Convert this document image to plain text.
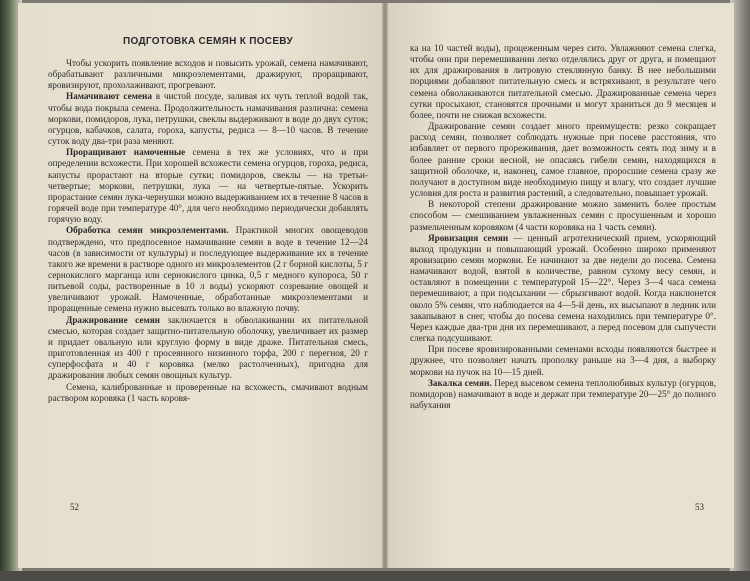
ПОДГОТОВКА СЕМЯН К ПОСЕВУ

Чтобы ускорить появление всходов и повысить урожай, семена намачивают, обрабатывают различными микроэлементами, дражируют, проращивают, яровизируют, прохолаживают, прогревают.

Намачивают семена в чистой посуде, заливая их чуть теплой водой так, чтобы вода покрыла семена. Продолжительность намачивания различна: семена моркови, помидоров, лука, петрушки, свеклы выдерживают в воде до двух суток; огурцов, кабачков, салата, гороха, капусты, редиса — 8—10 часов. В течение суток воду два-три раза меняют.

Проращивают намоченные семена в тех же условиях, что и при определении всхожести. При хорошей всхожести семена огурцов, гороха, редиса, капусты прорастают на вторые сутки; помидоров, свеклы — на третьи-четвертые; моркови, петрушки, лука — на четвертые-пятые. Ускорить прорастание семян лука-чернушки можно выдерживанием их в течение 8 часов в горячей воде при температуре 40°, для чего необходимо периодически добавлять горячую воду.

Обработка семян микроэлементами. Практикой многих овощеводов подтверждено, что предпосевное намачивание семян в воде в течение 12—24 часов (в зависимости от культуры) и последующее выдерживание их в течение такого же времени в растворе одного из микроэлементов (2 г борной кислоты, 5 г сернокислого марганца или сернокислого цинка, 0,5 г медного купороса, 50 г питьевой соды, растворенные в 10 л воды) ускоряют созревание овощей и увеличивают урожай. Намоченные, обработанные микроэлементами и проращенные семена нужно высевать только во влажную почву.

Дражирование семян заключается в обволакивании их питательной смесью, которая создает защитно-питательную оболочку, увеличивает их размер и придает овальную или круглую форму в виде драже. Питательная смесь, приготовленная из 400 г просеянного низинного торфа, 200 г перегноя, 20 г суперфосфата и 40 г коровяка (мелко растолченных), пригодна для дражирования любых семян овощных культур.

Семена, калиброванные и проверенные на всхожесть, смачивают водным раствором коровяка (1 часть коровя-

52

ка на 10 частей воды), процеженным через сито. Увлажняют семена слегка, чтобы они при перемешивании легко отделялись друг от друга, и помещают их для дражирования в литровую стеклянную банку. В нее небольшими порциями добавляют питательную смесь и встряхивают, в результате чего семена обволакиваются питательной смесью. Дражированные семена через сутки просыхают, становятся прочными и могут храниться до 9 месяцев и более, почти не снижая всхожести.

Дражирование семян создает много преимуществ: резко сокращает расход семян, позволяет соблюдать нужные при посеве расстояния, что избавляет от первого прореживания, дает возможность сеять под зиму и в более ранние сроки весной, не опасаясь гибели семян, находящихся в защитной оболочке, и, наконец, самое главное, проросшие семена сразу же получают в доступном виде необходимую пищу и влагу, что создает лучшие условия для роста и развития растений, а следовательно, повышает урожай.

В некоторой степени дражирование можно заменить более простым способом — смешиванием увлажненных семян с просушенным и хорошо размельченным коровяком (4 части коровяка на 1 часть семян).

Яровизация семян — ценный агротехнический прием, ускоряющий выход продукции и повышающий урожай. Особенно широко применяют яровизацию семян моркови. Ее начинают за две недели до посева. Семена намачивают водой, взятой в количестве, равном сухому весу семян, и оставляют в помещении с температурой 15—22°. Через 3—4 часа семена перемешивают, а при подсыхании — сбрызгивают водой. Когда наклюнется около 5% семян, что наблюдается на 4—5-й день, их высыпают в ледник или закапывают в снег, чтобы до посева семена находились при температуре 0°. Через каждые два-три дня их перемешивают, а перед посевом для сыпучести слегка подсушивают.

При посеве яровизированными семенами всходы появляются быстрее и дружнее, что позволяет начать прополку раньше на 3—4 дня, а выборку моркови на пучок на 10—15 дней.

Закалка семян. Перед высевом семена теплолюбивых культур (огурцов, помидоров) намачивают в воде и держат при температуре 20—25° до полного набухания

53
